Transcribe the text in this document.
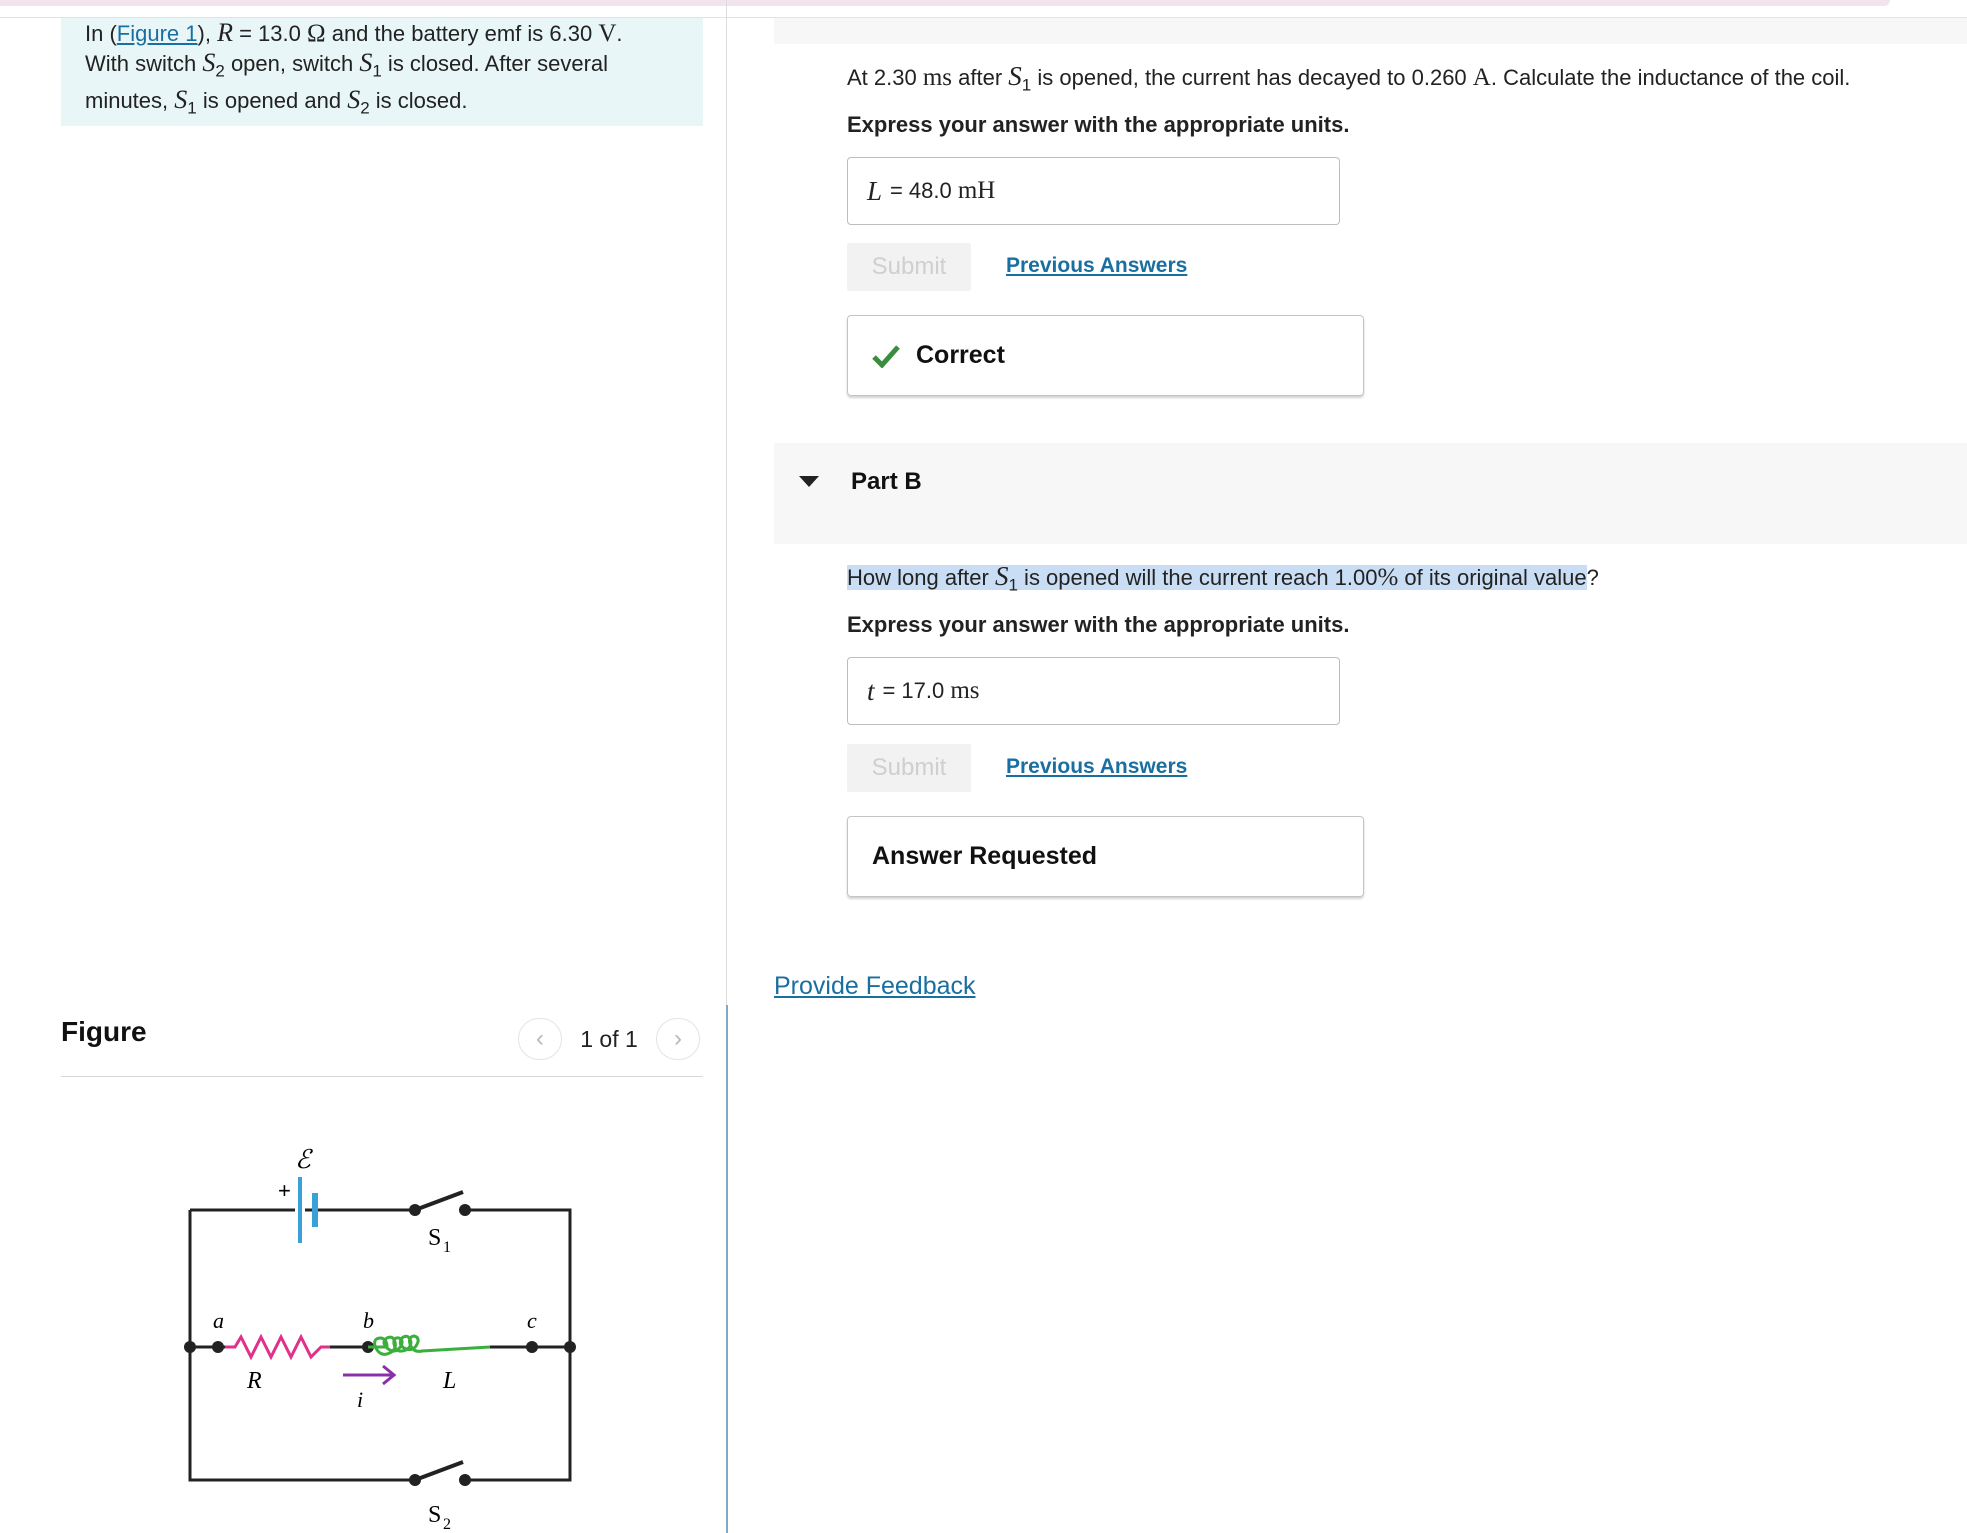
In (Figure 1), R = 13.0 Ω and the battery emf is 6.30 V.
With switch $S_2$ open, switch $S_1$ is closed. After several
minutes, $S_1$ is opened and $S_2$ is closed.
Figure	‹	1 of 1	›
ℰ
+
S 1
S 2
a	b	c
R	L
i
At 2.30 ms after $S_1$ is opened, the current has decayed to 0.260 A. Calculate the inductance of the coil.
Express your answer with the appropriate units.
L = 48.0 mH
Submit	Previous Answers
Correct
Part B
How long after $S_1$ is opened will the current reach 1.00% of its original value?
Express your answer with the appropriate units.
t = 17.0 ms
Submit	Previous Answers
Answer Requested
Provide Feedback
